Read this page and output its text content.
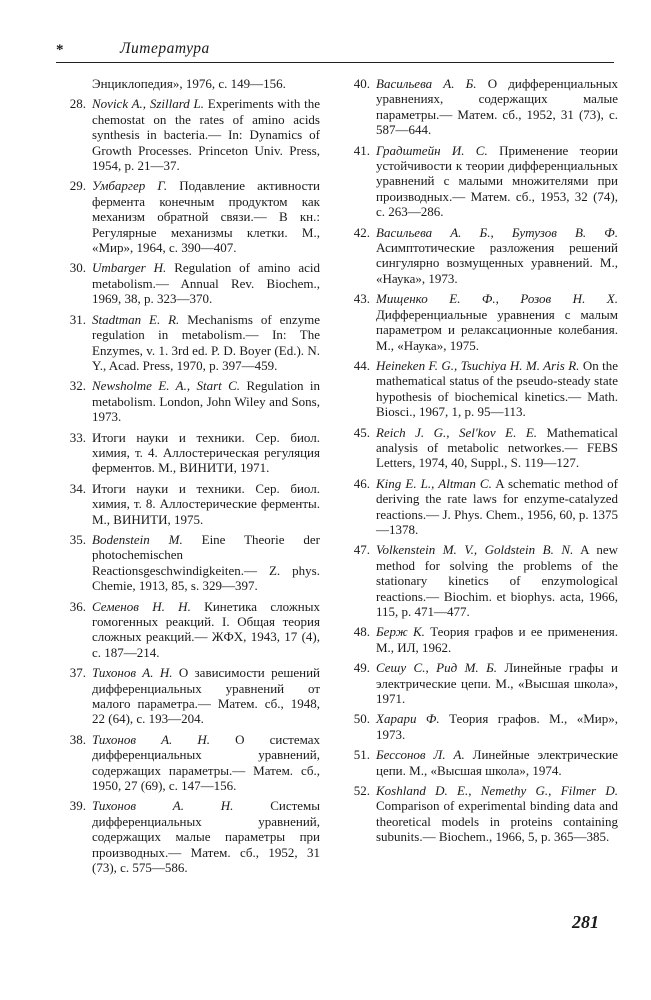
*	Литература
Энциклопедия», 1976, с. 149—156.
28. Novick A., Szillard L. Experiments with the chemostat on the rates of amino acids synthesis in bacteria.— In: Dynamics of Growth Processes. Princeton Univ. Press, 1954, p. 21—37.
29. Умбаргер Г. Подавление активности фермента конечным продуктом как механизм обратной связи.— В кн.: Регулярные механизмы клетки. М., «Мир», 1964, с. 390—407.
30. Umbarger H. Regulation of amino acid metabolism.— Annual Rev. Biochem., 1969, 38, p. 323—370.
31. Stadtman E. R. Mechanisms of enzyme regulation in metabolism.— In: The Enzymes, v. 1. 3rd ed. P. D. Boyer (Ed.). N. Y., Acad. Press, 1970, p. 397—459.
32. Newsholme E. A., Start C. Regulation in metabolism. London, John Wiley and Sons, 1973.
33. Итоги науки и техники. Сер. биол. химия, т. 4. Аллостерическая регуляция ферментов. М., ВИНИТИ, 1971.
34. Итоги науки и техники. Сер. биол. химия, т. 8. Аллостерические ферменты. М., ВИНИТИ, 1975.
35. Bodenstein M. Eine Theorie der photochemischen Reactionsgeschwindigkeiten.— Z. phys. Chemie, 1913, 85, s. 329—397.
36. Семенов Н. Н. Кинетика сложных гомогенных реакций. I. Общая теория сложных реакций.— ЖФХ, 1943, 17 (4), с. 187—214.
37. Тихонов А. Н. О зависимости решений дифференциальных уравнений от малого параметра.— Матем. сб., 1948, 22 (64), с. 193—204.
38. Тихонов А. Н. О системах дифференциальных уравнений, содержащих параметры.— Матем. сб., 1950, 27 (69), с. 147—156.
39. Тихонов А. Н.	Системы дифференциальных уравнений, содержащих малые параметры при производных.— Матем. сб., 1952, 31 (73), с. 575—586.
40. Васильева А. Б. О дифференциальных уравнениях, содержащих малые параметры.— Матем. сб., 1952, 31 (73), с. 587—644.
41. Градштейн И. С. Применение теории устойчивости к теории дифференциальных уравнений с малыми множителями при производных.— Матем. сб., 1953, 32 (74), с. 263—286.
42. Васильева А. Б., Бутузов В. Ф. Асимптотические разложения решений сингулярно возмущенных уравнений. М., «Наука», 1973.
43. Мищенко Е. Ф., Розов Н. Х. Дифференциальные уравнения с малым параметром и релаксационные колебания. М., «Наука», 1975.
44. Heineken F. G., Tsuchiya H. M. Aris R. On the mathematical status of the pseudo-steady state hypothesis of biochemical kinetics.— Math. Biosci., 1967, 1, p. 95—113.
45. Reich J. G., Sel'kov E. E. Mathematical analysis of metabolic networkes.— FEBS Letters, 1974, 40, Suppl., S. 119—127.
46. King E. L., Altman C. A schematic method of deriving the rate laws for enzyme-catalyzed reactions.— J. Phys. Chem., 1956, 60, p. 1375—1378.
47. Volkenstein M. V., Goldstein B. N. A new method for solving the problems of the stationary kinetics of enzymological reactions.— Biochim. et biophys. acta, 1966, 115, p. 471—477.
48. Берж К. Теория графов и ее применения. М., ИЛ, 1962.
49. Сешу С., Рид М. Б. Линейные графы и электрические цепи. М., «Высшая школа», 1971.
50. Харари Ф. Теория графов. М., «Мир», 1973.
51. Бессонов Л. А. Линейные электрические цепи. М., «Высшая школа», 1974.
52. Koshland D. E., Nemethy G., Filmer D. Comparison of experimental binding data and theoretical models in proteins containing subunits.— Biochem., 1966, 5, p. 365—385.
281
